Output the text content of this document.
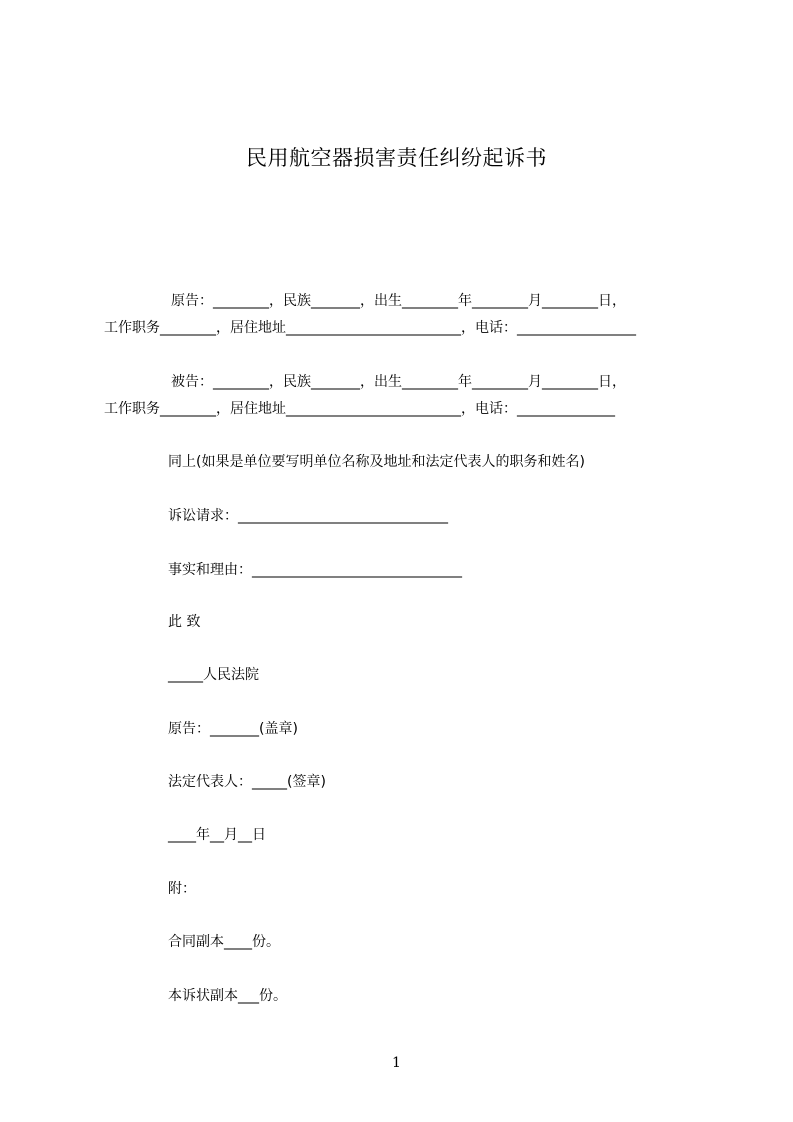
民用航空器损害责任纠纷起诉书
原告：________，民族_______，出生________年________月________日，
工作职务________，居住地址_________________________，电话：_________________
被告：________，民族_______，出生________年________月________日，
工作职务________，居住地址_________________________，电话：______________
同上(如果是单位要写明单位名称及地址和法定代表人的职务和姓名)
诉讼请求：______________________________
事实和理由：______________________________
此 致
_____人民法院
原告：_______(盖章)
法定代表人：_____(签章)
____年__月__日
附：
合同副本____份。
本诉状副本___份。
1
